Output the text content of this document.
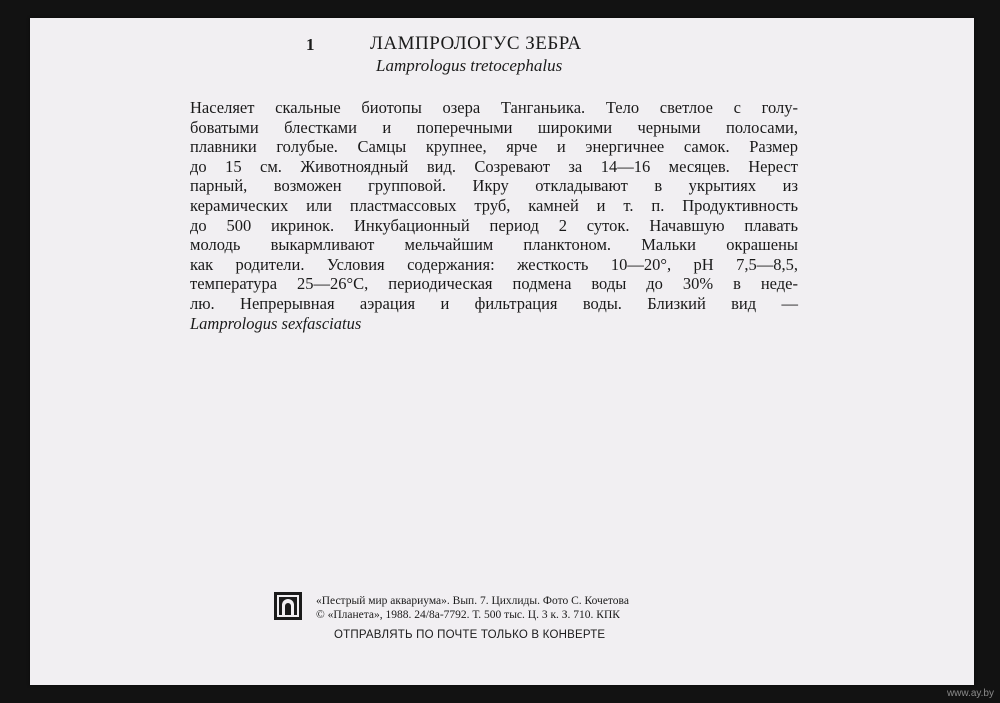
1	ЛАМПРОЛОГУС ЗЕБРА
Lamprologus tretocephalus
Населяет скальные биотопы озера Танганьика. Тело светлое с голу-
боватыми блестками и поперечными широкими черными полосами,
плавники голубые. Самцы крупнее, ярче и энергичнее самок. Размер
до 15 см. Животноядный вид. Созревают за 14—16 месяцев. Нерест
парный, возможен групповой. Икру откладывают в укрытиях из
керамических или пластмассовых труб, камней и т. п. Продуктивность
до 500 икринок. Инкубационный период 2 суток. Начавшую плавать
молодь выкармливают мельчайшим планктоном. Мальки окрашены
как родители. Условия содержания: жесткость 10—20°, pH 7,5—8,5,
температура 25—26°С, периодическая подмена воды до 30% в неде-
лю. Непрерывная аэрация и фильтрация воды. Близкий вид —
Lamprologus sexfasciatus
«Пестрый мир аквариума». Вып. 7. Цихлиды. Фото С. Кочетова
© «Планета», 1988. 24/8а-7792. Т. 500 тыс. Ц. 3 к. З. 710. КПК
ОТПРАВЛЯТЬ ПО ПОЧТЕ ТОЛЬКО В КОНВЕРТЕ
www.ay.by
